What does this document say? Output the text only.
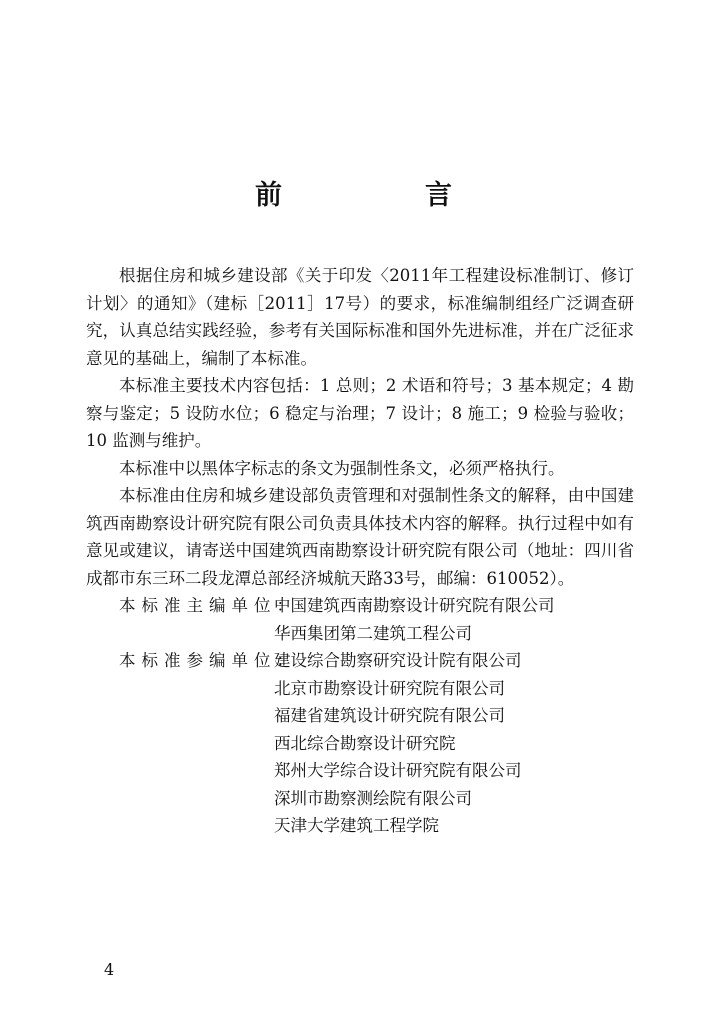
前　言

根据住房和城乡建设部《关于印发〈2011年工程建设标准制订、修订计划〉的通知》（建标［2011］17号）的要求，标准编制组经广泛调查研究，认真总结实践经验，参考有关国际标准和国外先进标准，并在广泛征求意见的基础上，编制了本标准。

本标准主要技术内容包括：1 总则；2 术语和符号；3 基本规定；4 勘察与鉴定；5 设防水位；6 稳定与治理；7 设计；8 施工；9 检验与验收；10 监测与维护。

本标准中以黑体字标志的条文为强制性条文，必须严格执行。

本标准由住房和城乡建设部负责管理和对强制性条文的解释，由中国建筑西南勘察设计研究院有限公司负责具体技术内容的解释。执行过程中如有意见或建议，请寄送中国建筑西南勘察设计研究院有限公司（地址：四川省成都市东三环二段龙潭总部经济城航天路33号，邮编：610052）。

本标准主编单位：
中国建筑西南勘察设计研究院有限公司
华西集团第二建筑工程公司
本标准参编单位：
建设综合勘察研究设计院有限公司
北京市勘察设计研究院有限公司
福建省建筑设计研究院有限公司
西北综合勘察设计研究院
郑州大学综合设计研究院有限公司
深圳市勘察测绘院有限公司
天津大学建筑工程学院
4
